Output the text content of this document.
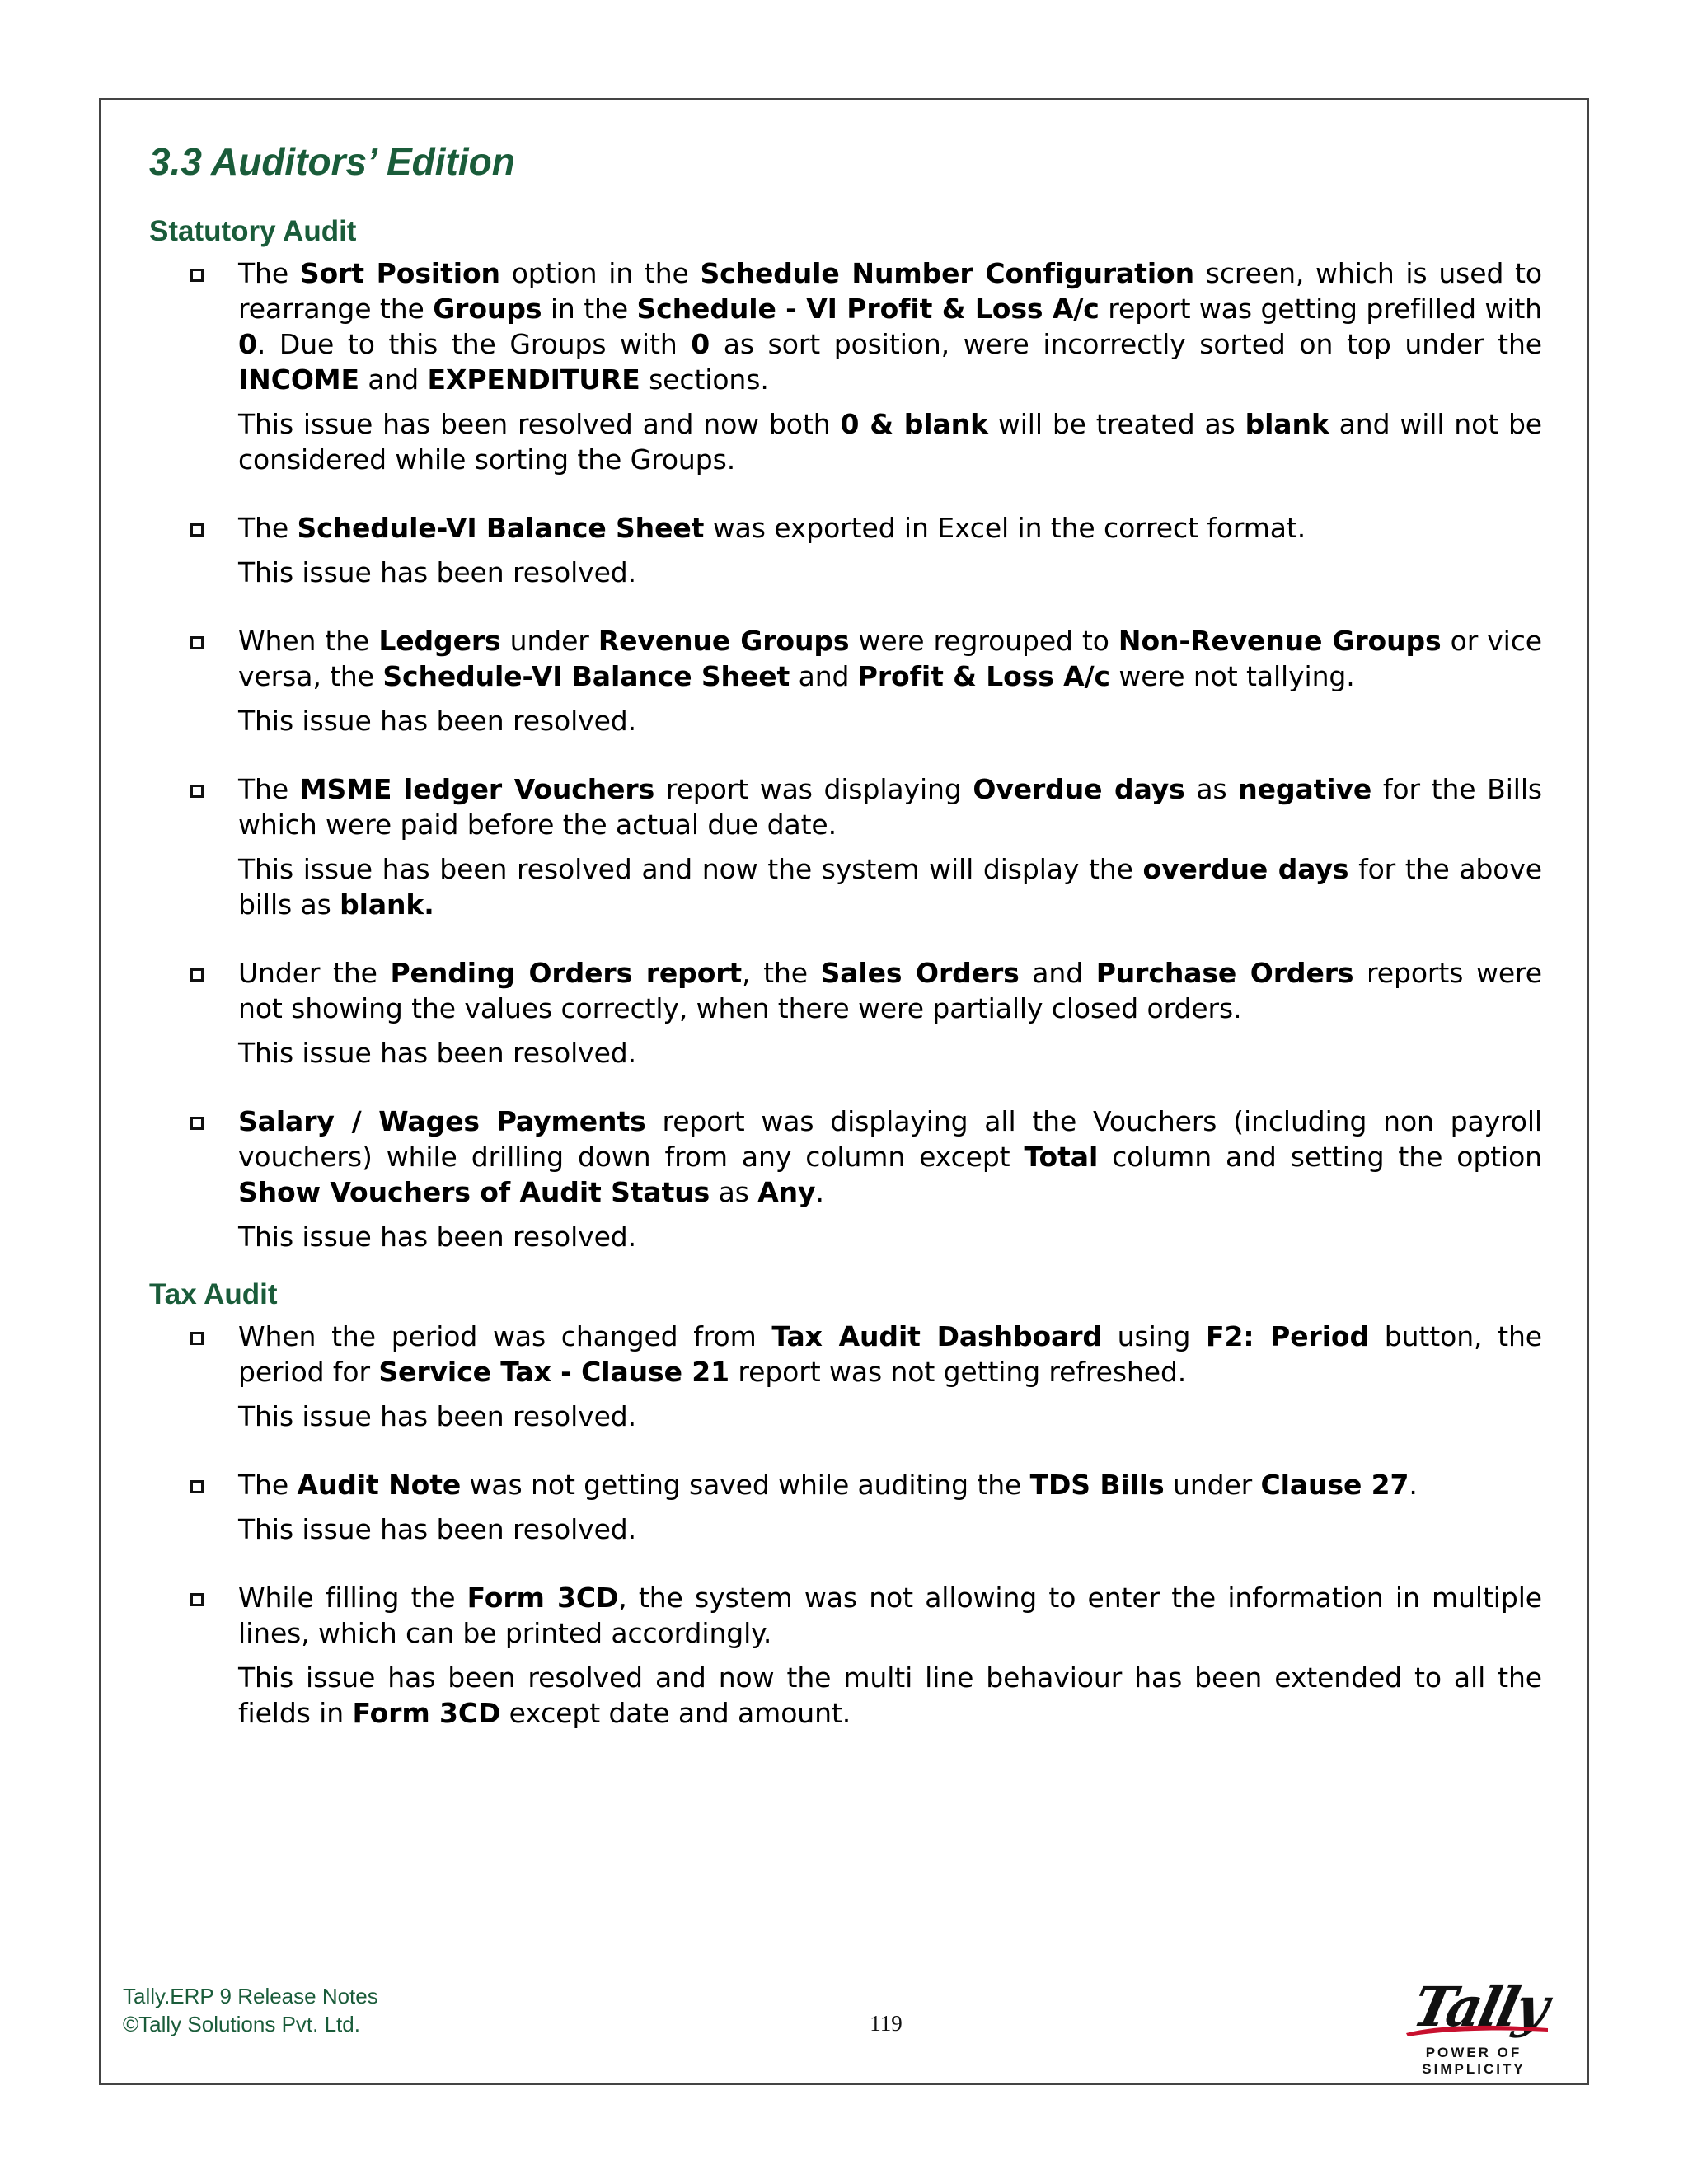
3.3 Auditors’ Edition
Statutory Audit

The Sort Position option in the Schedule Number Configuration screen, which is used to rearrange the Groups in the Schedule - VI Profit & Loss A/c report was getting prefilled with 0. Due to this the Groups with 0 as sort position, were incorrectly sorted on top under the INCOME and EXPENDITURE sections.

This issue has been resolved and now both 0 & blank will be treated as blank and will not be considered while sorting the Groups.

The Schedule-VI Balance Sheet was exported in Excel in the correct format.

This issue has been resolved.

When the Ledgers under Revenue Groups were regrouped to Non-Revenue Groups or vice versa, the Schedule-VI Balance Sheet and Profit & Loss A/c were not tallying.

This issue has been resolved.

The MSME ledger Vouchers report was displaying Overdue days as negative for the Bills which were paid before the actual due date.

This issue has been resolved and now the system will display the overdue days for the above bills as blank.

Under the Pending Orders report, the Sales Orders and Purchase Orders reports were not showing the values correctly, when there were partially closed orders.

This issue has been resolved.

Salary / Wages Payments report was displaying all the Vouchers (including non payroll vouchers) while drilling down from any column except Total column and setting the option Show Vouchers of Audit Status as Any.

This issue has been resolved.

Tax Audit

When the period was changed from Tax Audit Dashboard using F2: Period button, the period for Service Tax - Clause 21 report was not getting refreshed.

This issue has been resolved.

The Audit Note was not getting saved while auditing the TDS Bills under Clause 27.

This issue has been resolved.

While filling the Form 3CD, the system was not allowing to enter the information in multiple lines, which can be printed accordingly.

This issue has been resolved and now the multi line behaviour has been extended to all the fields in Form 3CD except date and amount.

Tally.ERP 9 Release Notes
©Tally Solutions Pvt. Ltd.	119	Tally
POWER OF SIMPLICITY
